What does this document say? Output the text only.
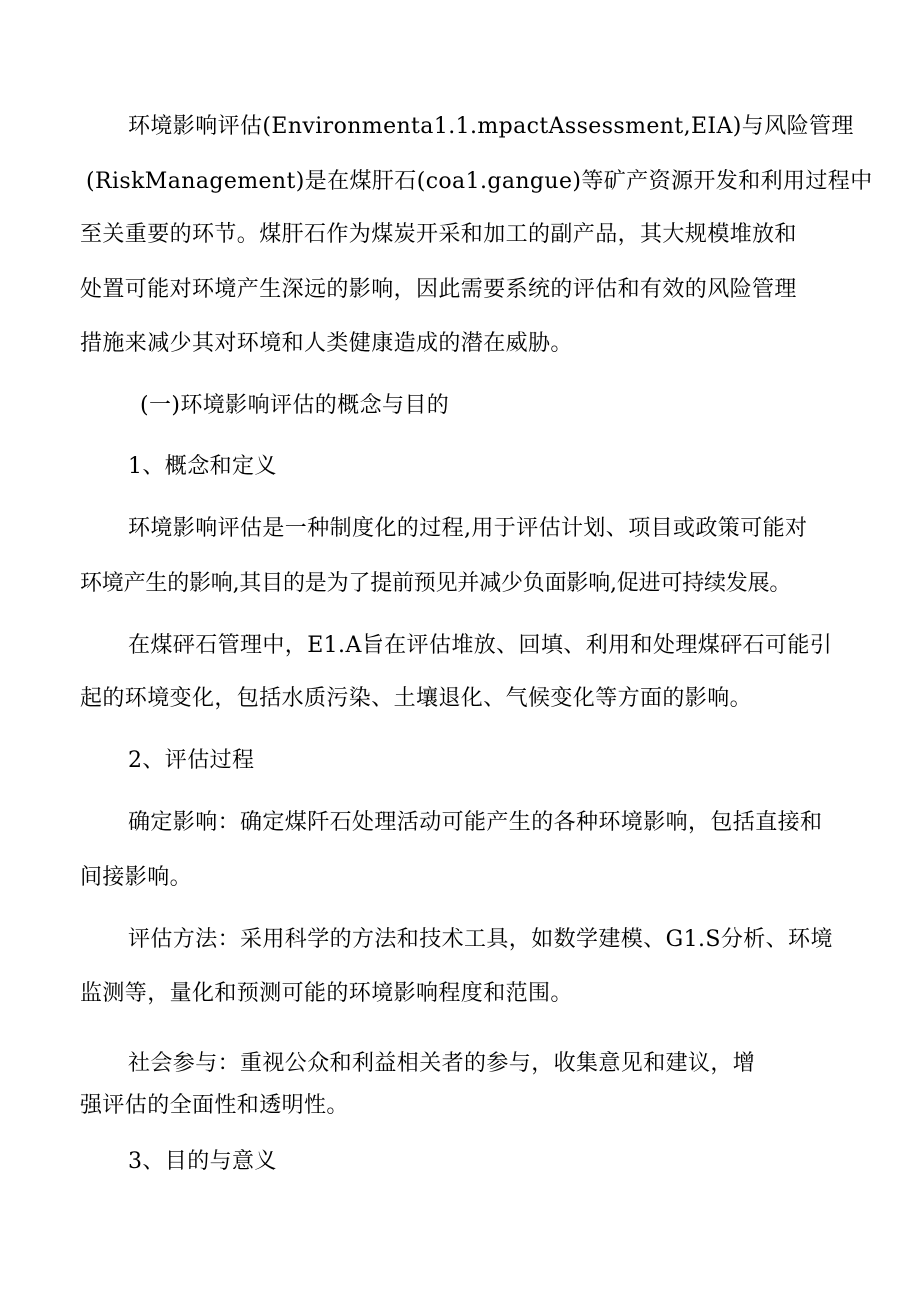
环境影响评估(Environmenta1.1.mpactAssessment,EIA)与风险管理
(RiskManagement)是在煤肝石(coa1.gangue)等矿产资源开发和利用过程中
至关重要的环节。煤肝石作为煤炭开采和加工的副产品，其大规模堆放和
处置可能对环境产生深远的影响，因此需要系统的评估和有效的风险管理
措施来减少其对环境和人类健康造成的潜在威胁。
(一)环境影响评估的概念与目的
1、概念和定义
环境影响评估是一种制度化的过程,用于评估计划、项目或政策可能对
环境产生的影响,其目的是为了提前预见并减少负面影响,促进可持续发展。
在煤砰石管理中，E1.A旨在评估堆放、回填、利用和处理煤砰石可能引
起的环境变化，包括水质污染、土壤退化、气候变化等方面的影响。
2、评估过程
确定影响：确定煤阡石处理活动可能产生的各种环境影响，包括直接和
间接影响。
评估方法：采用科学的方法和技术工具，如数学建模、G1.S分析、环境
监测等，量化和预测可能的环境影响程度和范围。
社会参与：重视公众和利益相关者的参与，收集意见和建议，增
强评估的全面性和透明性。
3、目的与意义
